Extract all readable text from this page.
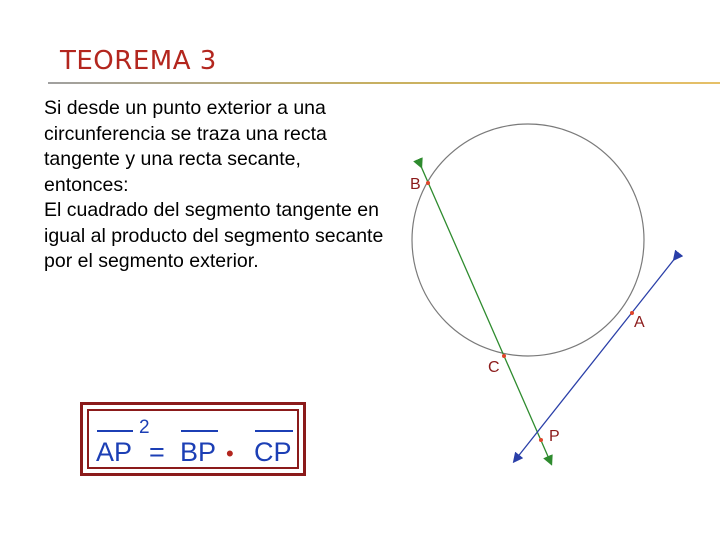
TEOREMA 3

Si desde un punto exterior a una circunferencia se traza una recta tangente y una recta secante, entonces:

El cuadrado del segmento tangente en igual al producto del segmento secante por el segmento exterior.

AP
2
= BP • CP
B
A
C
P
